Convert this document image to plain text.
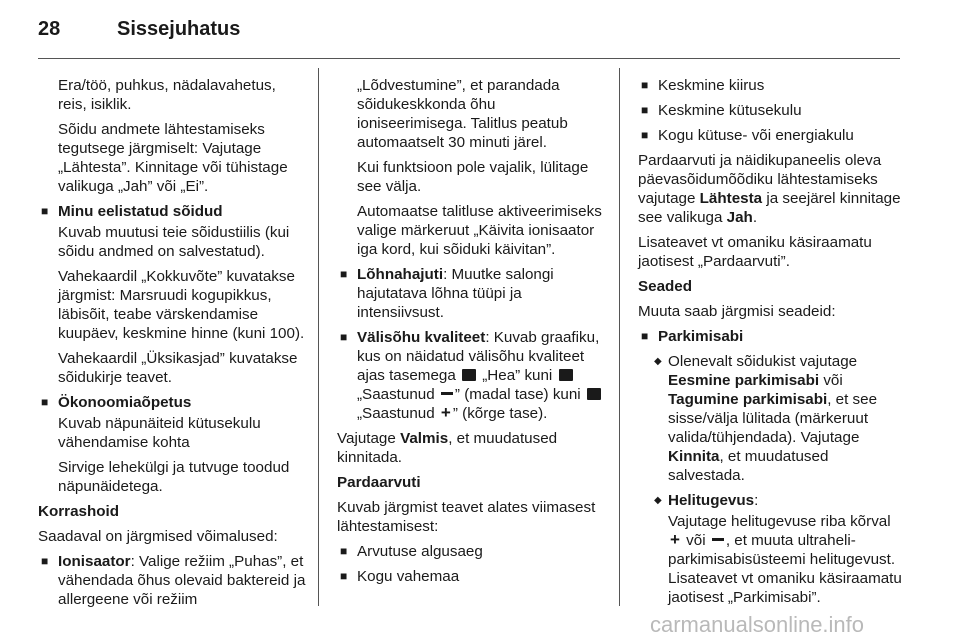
28	Sissejuhatus

Era/töö, puhkus, nädalavahetus, reis, isiklik.

Sõidu andmete lähtestamiseks tegutsege järgmiselt: Vajutage „Lähtesta”. Kinnitage või tühistage valikuga „Jah” või „Ei”.

■ Minu eelistatud sõidud

Kuvab muutusi teie sõidustiilis (kui sõidu andmed on salvestatud).

Vahekaardil „Kokkuvõte” kuvatakse järgmist: Marsruudi kogupikkus, läbisõit, teabe värskendamise kuupäev, keskmine hinne (kuni 100).

Vahekaardil „Üksikasjad” kuvatakse sõidukirje teavet.

■ Ökonoomiaõpetus

Kuvab näpunäiteid kütusekulu vähendamise kohta

Sirvige lehekülgi ja tutvuge toodud näpunäidetega.

Korrashoid

Saadaval on järgmised võimalused:

■ Ionisaator: Valige režiim „Puhas”, et vähendada õhus olevaid baktereid ja allergeene või režiim

„Lõdvestumine”, et parandada sõidukeskkonda õhu ioniseerimisega. Talitlus peatub automaatselt 30 minuti järel.

Kui funktsioon pole vajalik, lülitage see välja.

Automaatse talitluse aktiveerimiseks valige märkeruut „Käivita ionisaator iga kord, kui sõiduki käivitan”.

■ Lõhnahajuti: Muutke salongi hajutatava lõhna tüüpi ja intensiivsust.

■ Välisõhu kvaliteet: Kuvab graafiku, kus on näidatud välisõhu kvaliteet ajas tasemega „Hea” kuni  „Saastunud ” (madal tase) kuni  „Saastunud + ” (kõrge tase).

Vajutage Valmis, et muudatused kinnitada.

Pardaarvuti

Kuvab järgmist teavet alates viimasest lähtestamisest:

■ Arvutuse algusaeg

■ Kogu vahemaa

■ Keskmine kiirus

■ Keskmine kütusekulu

■ Kogu kütuse- või energiakulu

Pardaarvuti ja näidikupaneelis oleva päevasõidumõõdiku lähtestamiseks vajutage Lähtesta ja seejärel kinnitage see valikuga Jah.

Lisateavet vt omaniku käsiraamatu jaotisest „Pardaarvuti”.

Seaded

Muuta saab järgmisi seadeid:

■ Parkimisabi

◆ Olenevalt sõidukist vajutage Eesmine parkimisabi või Tagumine parkimisabi, et see sisse/välja lülitada (märkeruut valida/tühjendada). Vajutage Kinnita, et muudatused salvestada.

◆ Helitugevus:

Vajutage helitugevuse riba kõrval + või , et muuta ultraheli-parkimisabisüsteemi helitugevust. Lisateavet vt omaniku käsiraamatu jaotisest „Parkimisabi”.

carmanualsonline.info
